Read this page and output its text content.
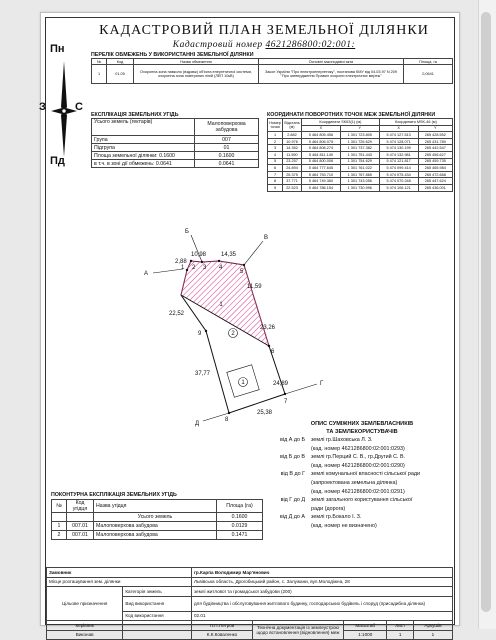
КАДАСТРОВИЙ ПЛАН ЗЕМЕЛЬНОЇ ДІЛЯНКИ
Кадастровий номер 4621286800:02:001:
Пн
Пд
З	С
ПЕРЕЛІК ОБМЕЖЕНЬ У ВИКОРИСТАННІ ЗЕМЕЛЬНОЇ ДІЛЯНКИ
№	Код	Назва обмеження	Основні законодавчі акти	Площа, га
1	01.05	Охоронна зона навколо (вздовж) об'єкта енергетичної системи, охоронна зона повітряних ліній (ЛЕП 10кВ)	Закон України "Про електроенергетику", постанова КМУ від 04.03.97 N 209 "Про затвердження Правил охорони електричних мереж"	0,0641
ЕКСПЛІКАЦІЯ ЗЕМЕЛЬНИХ УГІДЬ
Усього земель (гектарів)	Малоповерхова забудова

Група	007
Підгрупа	01
Площа земельної ділянки: 0.1600	0.1600
в т.ч. в зоні дії обмежень: 0.0641	0.0641
КООРДИНАТИ ПОВОРОТНИХ ТОЧОК МЕЖ ЗЕМЕЛЬНОЇ ДІЛЯНКИ
Номер точки	Відстань (м)	Координати SK63(1) (м)		Координати MSK-46 (м)	
		X	Y	X	Y
1	2.882	5 464 805.456	1 301 723.805	5 474 127.513	265 428.552
2	10.976	5 464 806.075	1 301 726.629	5 474 128.071	265 431.780
3	14.352	5 464 808.274	1 301 737.382	5 474 130.199	265 442.547
4	11.590	5 464 811.149	1 301 751.443	5 474 132.981	265 456.627
5	23.257	5 464 800.006	1 301 754.629	5 474 121.817	265 459.735
6	24.894	5 464 777.645	1 301 761.022	5 474 099.414	265 465.984
7	25.375	5 464 753.710	1 301 767.865	5 474 075.434	265 472.668
8	37.771	5 464 749.360	1 301 743.056	5 474 070.248	265 447.624
9	22.523	5 464 786.154	1 301 730.996	5 474 106.121	265 436.001
2
1
1
2,88
10,98 14,35
11,59
23,26
24,89
25,38
37,77
22,52
1 2 3 4
5
6
7
8
9
А
Б
В
Г
Д	ОПИС СУМІЖНИХ ЗЕМЛЕВЛАСНИКІВ
ТА ЗЕМЛЕКОРИСТУВАЧІВ
від А до Б	землі гр.Шаховська Л. З.
(кад. номер 4621286800:02:001:0293)
від Б до В	землі гр.Перций С. В., гр.Другий С. В.
(кад. номер 4621286800:02:001:0290)
від В до Г	землі комунальної власності сільської ради
(запроектована земельна ділянка)
(кад. номер 4621286800:02:001:0291)
від Г до Д	землі загального користування сільської
ради (дорога)
від Д до А	землі гр.Бокало І. З.
(кад. номер не визначено)
ПОКОНТУРНА ЕКСПЛІКАЦІЯ ЗЕМЕЛЬНИХ УГІДЬ
№	Код угідця	Назва угідця	Площа (га)
		Усього земель	0.1600
1	007.01	Малоповерхова забудова	0.0129
2	007.01	Малоповерхова забудова	0.1471
Замовник		гр.Карпа Володимир Мар'янович				
Місце розташування зем. ділянки		Львівська область, Дрогобицький район, с. Залужани, вул.Молодіжна, 28				
Цільове призначення	Категорія земель	землі житлової та громадської забудови (200)				
	Вид використання	для будівництва і обслуговування житлового будинку, господарських будівель і споруд (присадибна ділянка)				
	Код використання	02.01				
Керівник		П.П.Петров	Технічна документація із землеустрою щодо встановлення (відновлення) меж	Масштаб	Лист	Аркушів
Виконав		К.К.Коваленко		1:1000	1	1
